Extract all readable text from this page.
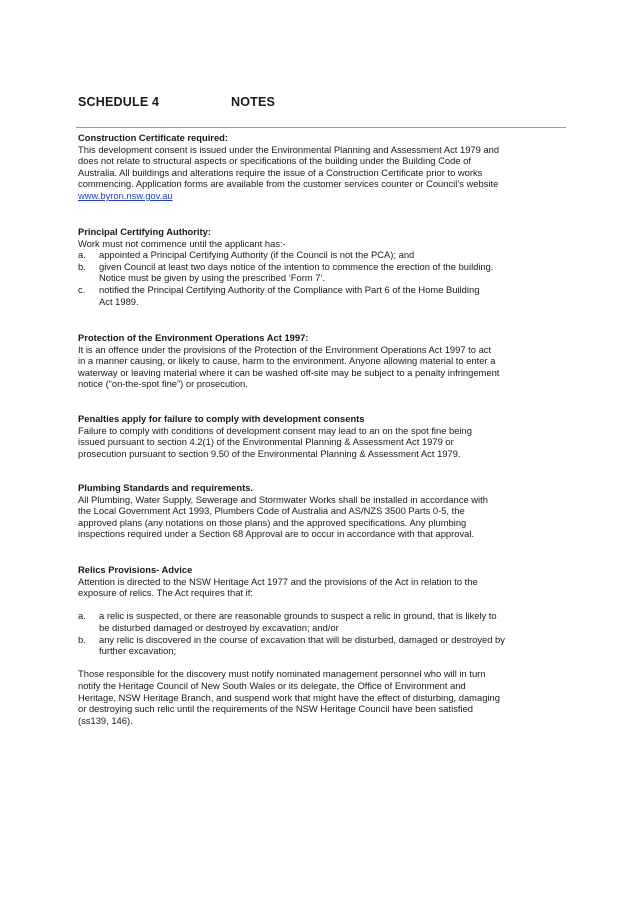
SCHEDULE 4	NOTES
Construction Certificate required:
This development consent is issued under the Environmental Planning and Assessment Act 1979 and
does not relate to structural aspects or specifications of the building under the Building Code of
Australia. All buildings and alterations require the issue of a Construction Certificate prior to works
commencing. Application forms are available from the customer services counter or Council’s website
www.byron.nsw.gov.au
Principal Certifying Authority:
Work must not commence until the applicant has:-
a.	appointed a Principal Certifying Authority (if the Council is not the PCA); and
b.	given Council at least two days notice of the intention to commence the erection of the building.
Notice must be given by using the prescribed ‘Form 7’.
c.	notified the Principal Certifying Authority of the Compliance with Part 6 of the Home Building
Act 1989.
Protection of the Environment Operations Act 1997:
It is an offence under the provisions of the Protection of the Environment Operations Act 1997 to act
in a manner causing, or likely to cause, harm to the environment. Anyone allowing material to enter a
waterway or leaving material where it can be washed off-site may be subject to a penalty infringement
notice (“on-the-spot fine”) or prosecution.
Penalties apply for failure to comply with development consents
Failure to comply with conditions of development consent may lead to an on the spot fine being
issued pursuant to section 4.2(1) of the Environmental Planning & Assessment Act 1979 or
prosecution pursuant to section 9.50 of the Environmental Planning & Assessment Act 1979.
Plumbing Standards and requirements.
All Plumbing, Water Supply, Sewerage and Stormwater Works shall be installed in accordance with
the Local Government Act 1993, Plumbers Code of Australia and AS/NZS 3500 Parts 0-5, the
approved plans (any notations on those plans) and the approved specifications. Any plumbing
inspections required under a Section 68 Approval are to occur in accordance with that approval.
Relics Provisions- Advice
Attention is directed to the NSW Heritage Act 1977 and the provisions of the Act in relation to the
exposure of relics. The Act requires that if:
a.	a relic is suspected, or there are reasonable grounds to suspect a relic in ground, that is likely to
be disturbed damaged or destroyed by excavation; and/or
b.	any relic is discovered in the course of excavation that will be disturbed, damaged or destroyed by
further excavation;
Those responsible for the discovery must notify nominated management personnel who will in turn
notify the Heritage Council of New South Wales or its delegate, the Office of Environment and
Heritage, NSW Heritage Branch, and suspend work that might have the effect of disturbing, damaging
or destroying such relic until the requirements of the NSW Heritage Council have been satisfied
(ss139, 146).
